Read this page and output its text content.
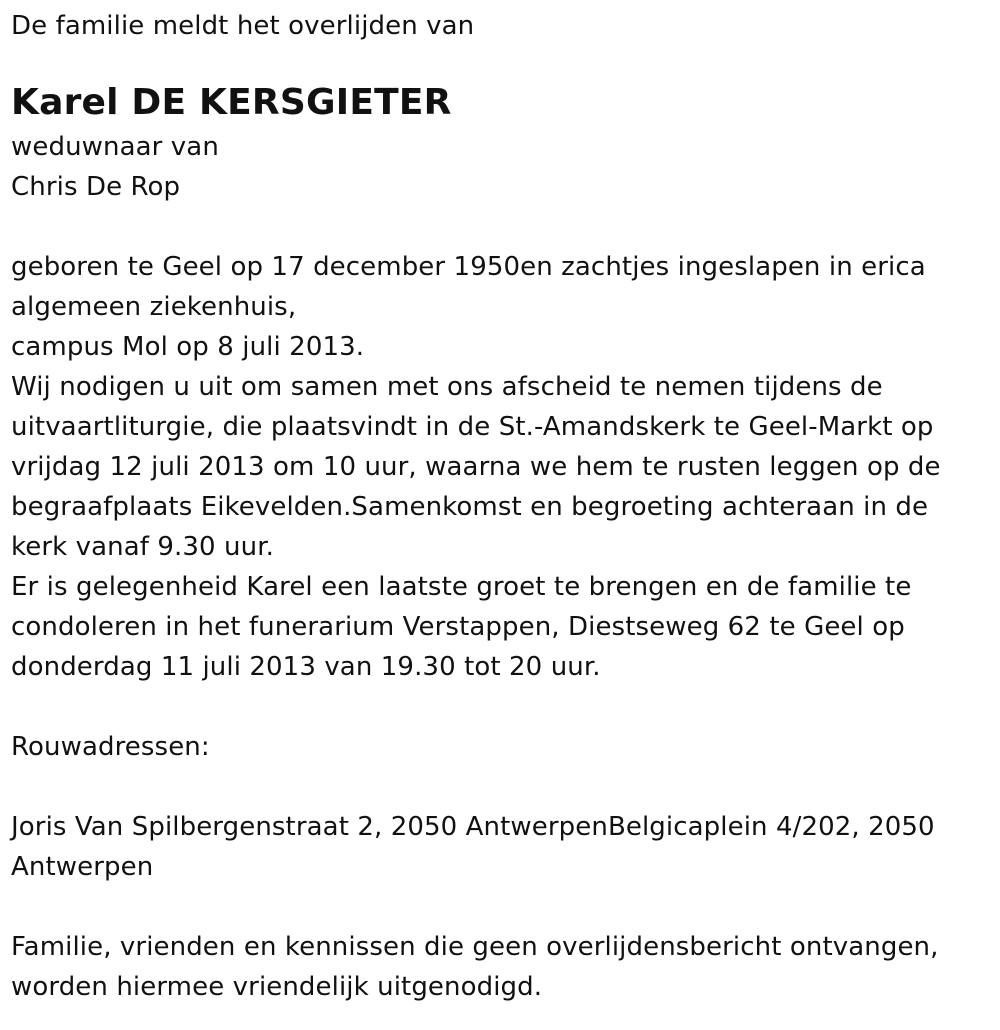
De familie meldt het overlijden van
Karel DE KERSGIETER
weduwnaar van
Chris De Rop
geboren te Geel op 17 december 1950en zachtjes ingeslapen in erica
algemeen ziekenhuis,
campus Mol op 8 juli 2013.
Wij nodigen u uit om samen met ons afscheid te nemen tijdens de
uitvaartliturgie, die plaatsvindt in de St.-Amandskerk te Geel-Markt op
vrijdag 12 juli 2013 om 10 uur, waarna we hem te rusten leggen op de
begraafplaats Eikevelden.Samenkomst en begroeting achteraan in de
kerk vanaf 9.30 uur.
Er is gelegenheid Karel een laatste groet te brengen en de familie te
condoleren in het funerarium Verstappen, Diestseweg 62 te Geel op
donderdag 11 juli 2013 van 19.30 tot 20 uur.
Rouwadressen:
Joris Van Spilbergenstraat 2, 2050 AntwerpenBelgicaplein 4/202, 2050
Antwerpen
Familie, vrienden en kennissen die geen overlijdensbericht ontvangen,
worden hiermee vriendelijk uitgenodigd.
